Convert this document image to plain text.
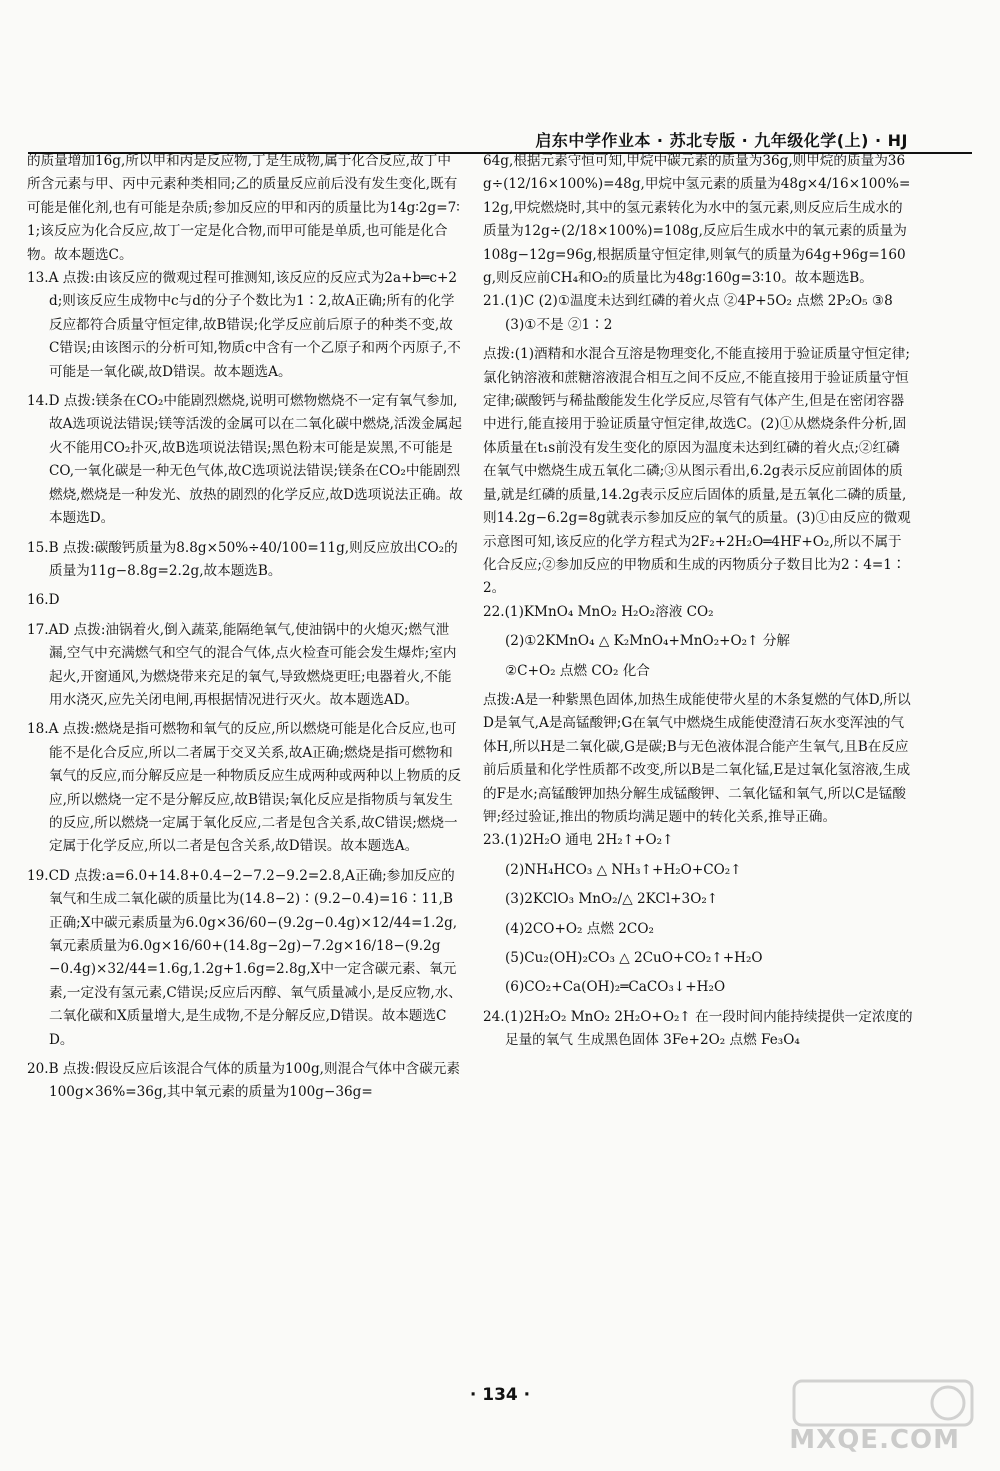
启东中学作业本 · 苏北专版 · 九年级化学(上) · HJ

的质量增加16g,所以甲和丙是反应物,丁是生成物,属于化合反应,故丁中所含元素与甲、丙中元素种类相同;乙的质量反应前后没有发生变化,既有可能是催化剂,也有可能是杂质;参加反应的甲和丙的质量比为14g∶2g=7∶1;该反应为化合反应,故丁一定是化合物,而甲可能是单质,也可能是化合物。故本题选C。

13.A 点拨:由该反应的微观过程可推测知,该反应的反应式为2a+b═c+2d;则该反应生成物中c与d的分子个数比为1∶2,故A正确;所有的化学反应都符合质量守恒定律,故B错误;化学反应前后原子的种类不变,故C错误;由该图示的分析可知,物质c中含有一个乙原子和两个丙原子,不可能是一氧化碳,故D错误。故本题选A。

14.D 点拨:镁条在CO₂中能剧烈燃烧,说明可燃物燃烧不一定有氧气参加,故A选项说法错误;镁等活泼的金属可以在二氧化碳中燃烧,活泼金属起火不能用CO₂扑灭,故B选项说法错误;黑色粉末可能是炭黑,不可能是CO,一氧化碳是一种无色气体,故C选项说法错误;镁条在CO₂中能剧烈燃烧,燃烧是一种发光、放热的剧烈的化学反应,故D选项说法正确。故本题选D。

15.B 点拨:碳酸钙质量为8.8g×50%÷40/100=11g,则反应放出CO₂的质量为11g−8.8g=2.2g,故本题选B。

16.D

17.AD 点拨:油锅着火,倒入蔬菜,能隔绝氧气,使油锅中的火熄灭;燃气泄漏,空气中充满燃气和空气的混合气体,点火检查可能会发生爆炸;室内起火,开窗通风,为燃烧带来充足的氧气,导致燃烧更旺;电器着火,不能用水浇灭,应先关闭电闸,再根据情况进行灭火。故本题选AD。

18.A 点拨:燃烧是指可燃物和氧气的反应,所以燃烧可能是化合反应,也可能不是化合反应,所以二者属于交叉关系,故A正确;燃烧是指可燃物和氧气的反应,而分解反应是一种物质反应生成两种或两种以上物质的反应,所以燃烧一定不是分解反应,故B错误;氧化反应是指物质与氧发生的反应,所以燃烧一定属于氧化反应,二者是包含关系,故C错误;燃烧一定属于化学反应,所以二者是包含关系,故D错误。故本题选A。

19.CD 点拨:a=6.0+14.8+0.4−2−7.2−9.2=2.8,A正确;参加反应的氧气和生成二氧化碳的质量比为(14.8−2)∶(9.2−0.4)=16∶11,B正确;X中碳元素质量为6.0g×36/60−(9.2g−0.4g)×12/44=1.2g,氧元素质量为6.0g×16/60+(14.8g−2g)−7.2g×16/18−(9.2g−0.4g)×32/44=1.6g,1.2g+1.6g=2.8g,X中一定含碳元素、氧元素,一定没有氢元素,C错误;反应后丙醇、氧气质量减小,是反应物,水、二氧化碳和X质量增大,是生成物,不是分解反应,D错误。故本题选CD。

20.B 点拨:假设反应后该混合气体的质量为100g,则混合气体中含碳元素100g×36%=36g,其中氧元素的质量为100g−36g=

64g,根据元素守恒可知,甲烷中碳元素的质量为36g,则甲烷的质量为36g÷(12/16×100%)=48g,甲烷中氢元素的质量为48g×4/16×100%=12g,甲烷燃烧时,其中的氢元素转化为水中的氢元素,则反应后生成水的质量为12g÷(2/18×100%)=108g,反应后生成水中的氧元素的质量为108g−12g=96g,根据质量守恒定律,则氧气的质量为64g+96g=160g,则反应前CH₄和O₂的质量比为48g∶160g=3∶10。故本题选B。

21.(1)C (2)①温度未达到红磷的着火点 ②4P+5O₂ 点燃 2P₂O₅ ③8 (3)①不是 ②1∶2

点拨:(1)酒精和水混合互溶是物理变化,不能直接用于验证质量守恒定律;氯化钠溶液和蔗糖溶液混合相互之间不反应,不能直接用于验证质量守恒定律;碳酸钙与稀盐酸能发生化学反应,尽管有气体产生,但是在密闭容器中进行,能直接用于验证质量守恒定律,故选C。(2)①从燃烧条件分析,固体质量在t₁s前没有发生变化的原因为温度未达到红磷的着火点;②红磷在氧气中燃烧生成五氧化二磷;③从图示看出,6.2g表示反应前固体的质量,就是红磷的质量,14.2g表示反应后固体的质量,是五氧化二磷的质量,则14.2g−6.2g=8g就表示参加反应的氧气的质量。(3)①由反应的微观示意图可知,该反应的化学方程式为2F₂+2H₂O═4HF+O₂,所以不属于化合反应;②参加反应的甲物质和生成的丙物质分子数目比为2∶4=1∶2。

22.(1)KMnO₄ MnO₂ H₂O₂溶液 CO₂

(2)①2KMnO₄ △ K₂MnO₄+MnO₂+O₂↑ 分解

②C+O₂ 点燃 CO₂ 化合

点拨:A是一种紫黑色固体,加热生成能使带火星的木条复燃的气体D,所以D是氧气,A是高锰酸钾;G在氧气中燃烧生成能使澄清石灰水变浑浊的气体H,所以H是二氧化碳,G是碳;B与无色液体混合能产生氧气,且B在反应前后质量和化学性质都不改变,所以B是二氧化锰,E是过氧化氢溶液,生成的F是水;高锰酸钾加热分解生成锰酸钾、二氧化锰和氧气,所以C是锰酸钾;经过验证,推出的物质均满足题中的转化关系,推导正确。

23.(1)2H₂O 通电 2H₂↑+O₂↑

(2)NH₄HCO₃ △ NH₃↑+H₂O+CO₂↑

(3)2KClO₃ MnO₂/△ 2KCl+3O₂↑

(4)2CO+O₂ 点燃 2CO₂

(5)Cu₂(OH)₂CO₃ △ 2CuO+CO₂↑+H₂O

(6)CO₂+Ca(OH)₂═CaCO₃↓+H₂O

24.(1)2H₂O₂ MnO₂ 2H₂O+O₂↑ 在一段时间内能持续提供一定浓度的足量的氧气 生成黑色固体 3Fe+2O₂ 点燃 Fe₃O₄

· 134 ·
MXQE.COM
